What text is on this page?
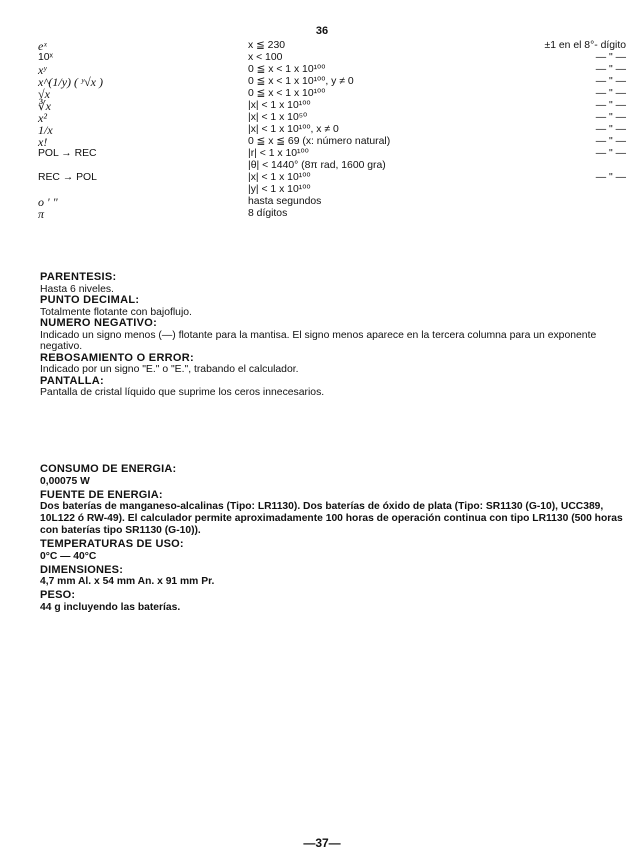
36
eˣ	x ≦ 230	±1 en el 8°- dígito
10ˣ	x < 100	— " —
xʸ	0 ≦ x < 1 x 10¹⁰⁰	— " —
x^(1/y) ( ʸ√x )	0 ≦ x < 1 x 10¹⁰⁰, y ≠ 0	— " —
√x	0 ≦ x < 1 x 10¹⁰⁰	— " —
∛x	|x| < 1 x 10¹⁰⁰	— " —
x²	|x| < 1 x 10⁵⁰	— " —
1/x	|x| < 1 x 10¹⁰⁰, x ≠ 0	— " —
x!	0 ≦ x ≦ 69 (x: número natural)	— " —
POL → REC	|r| < 1 x 10¹⁰⁰	— " —
	|θ| < 1440° (8π rad, 1600 gra)	
REC → POL	|x| < 1 x 10¹⁰⁰	— " —
	|y| < 1 x 10¹⁰⁰	

o ' "	hasta segundos	
π	8 dígitos	
PARENTESIS:

Hasta 6 niveles.

PUNTO DECIMAL:

Totalmente flotante con bajoflujo.

NUMERO NEGATIVO:

Indicado un signo menos (—) flotante para la mantisa. El signo menos aparece en la tercera columna para un exponente negativo.

REBOSAMIENTO O ERROR:

Indicado por un signo "E." o "E.", trabando el calculador.

PANTALLA:

Pantalla de cristal líquido que suprime los ceros innecesarios.

CONSUMO DE ENERGIA:

0,00075 W

FUENTE DE ENERGIA:

Dos baterías de manganeso-alcalinas (Tipo: LR1130). Dos baterías de óxido de plata (Tipo: SR1130 (G-10), UCC389, 10L122 ó RW-49). El calculador permite aproximadamente 100 horas de operación continua con tipo LR1130 (500 horas con baterías tipo SR1130 (G-10)).

TEMPERATURAS DE USO:

0°C — 40°C

DIMENSIONES:

4,7 mm Al. x 54 mm An. x 91 mm Pr.

PESO:

44 g incluyendo las baterías.

—37—
